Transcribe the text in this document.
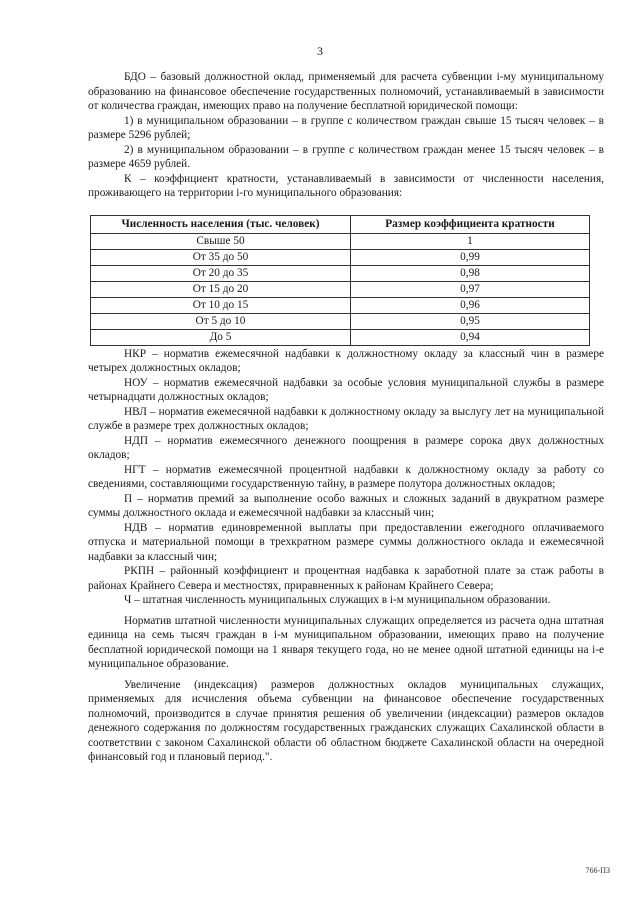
3

БДО – базовый должностной оклад, применяемый для расчета субвенции i-му муниципальному образованию на финансовое обеспечение государственных полномочий, устанавливаемый в зависимости от количества граждан, имеющих право на получение бесплатной юридической помощи:

1) в муниципальном образовании – в группе с количеством граждан свыше 15 тысяч человек – в размере 5296 рублей;

2) в муниципальном образовании – в группе с количеством граждан менее 15 тысяч человек – в размере 4659 рублей.

К – коэффициент кратности, устанавливаемый в зависимости от численности населения, проживающего на территории i-го муниципального образования:

Численность населения (тыс. человек)	Размер коэффициента кратности
Свыше 50	1
От 35 до 50	0,99
От 20 до 35	0,98
От 15 до 20	0,97
От 10 до 15	0,96
От 5 до 10	0,95
До 5	0,94

НКР – норматив ежемесячной надбавки к должностному окладу за классный чин в размере четырех должностных окладов;

НОУ – норматив ежемесячной надбавки за особые условия муниципальной службы в размере четырнадцати должностных окладов;

НВЛ – норматив ежемесячной надбавки к должностному окладу за выслугу лет на муниципальной службе в размере трех должностных окладов;

НДП – норматив ежемесячного денежного поощрения в размере сорока двух должностных окладов;

НГТ – норматив ежемесячной процентной надбавки к должностному окладу за работу со сведениями, составляющими государственную тайну, в размере полутора должностных окладов;

П – норматив премий за выполнение особо важных и сложных заданий в двукратном размере суммы должностного оклада и ежемесячной надбавки за классный чин;

НДВ – норматив единовременной выплаты при предоставлении ежегодного оплачиваемого отпуска и материальной помощи в трехкратном размере суммы должностного оклада и ежемесячной надбавки за классный чин;

РКПН – районный коэффициент и процентная надбавка к заработной плате за стаж работы в районах Крайнего Севера и местностях, приравненных к районам Крайнего Севера;

Ч – штатная численность муниципальных служащих в i-м муниципальном образовании.

Норматив штатной численности муниципальных служащих определяется из расчета одна штатная единица на семь тысяч граждан в i-м муниципальном образовании, имеющих право на получение бесплатной юридической помощи на 1 января текущего года, но не менее одной штатной единицы на i-е муниципальное образование.

Увеличение (индексация) размеров должностных окладов муниципальных служащих, применяемых для исчисления объема субвенции на финансовое обеспечение государственных полномочий, производится в случае принятия решения об увеличении (индексации) размеров окладов денежного содержания по должностям государственных гражданских служащих Сахалинской области в соответствии с законом Сахалинской области об областном бюджете Сахалинской области на очередной финансовый год и плановый период.".

766-ПЗ
